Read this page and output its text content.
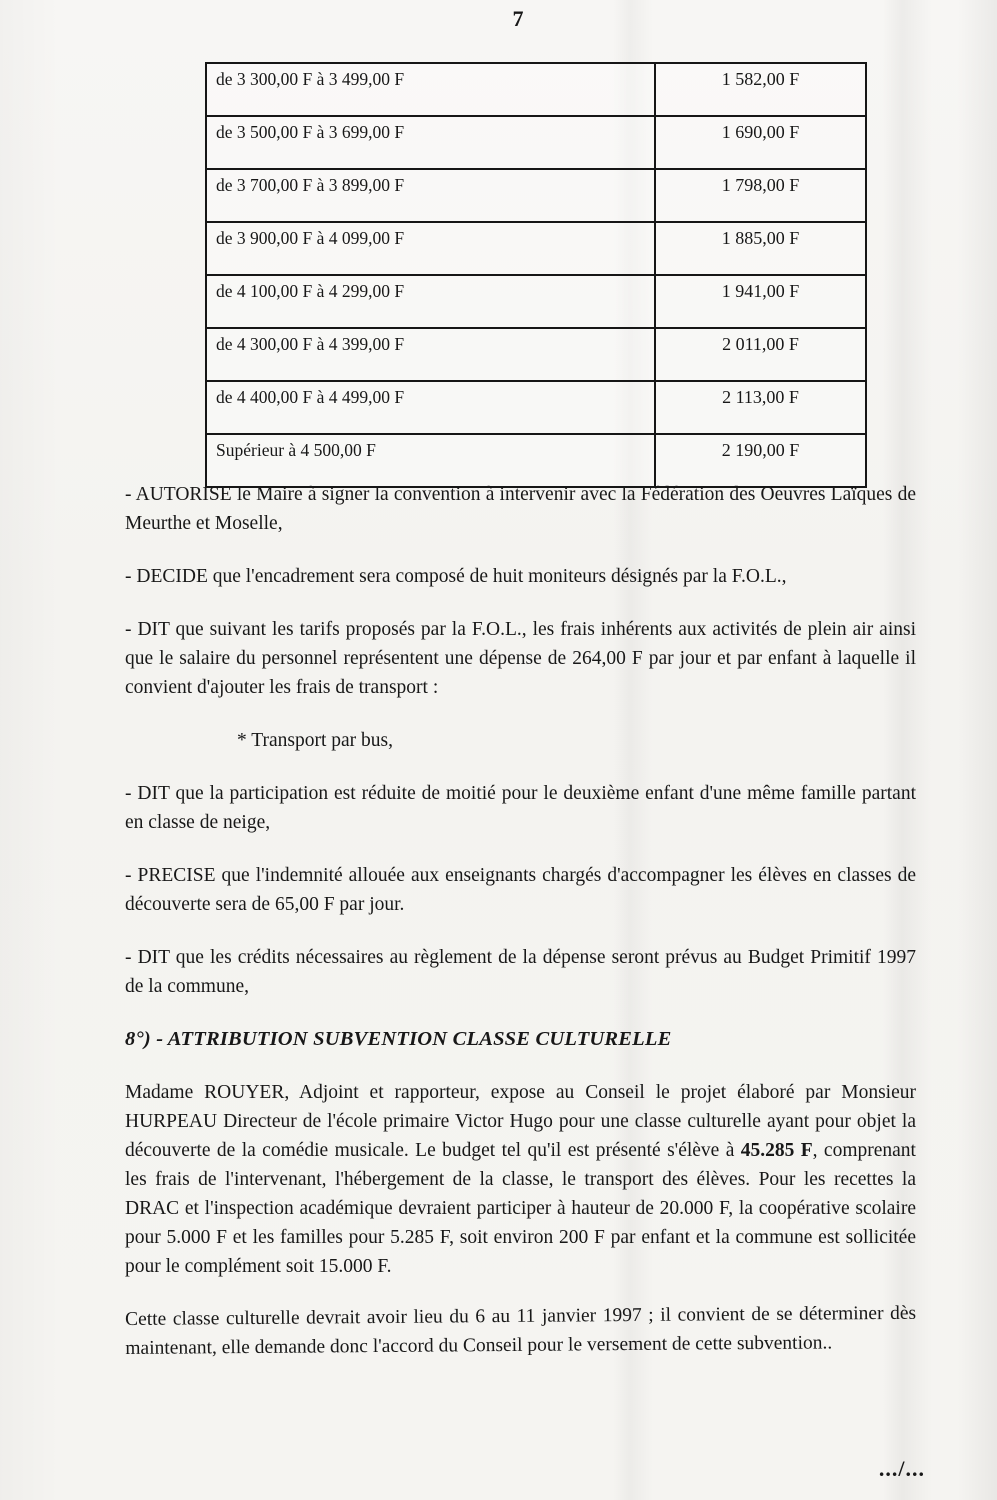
7
de 3 300,00 F à 3 499,00 F	1 582,00 F
de 3 500,00 F à 3 699,00 F	1 690,00 F
de 3 700,00 F à 3 899,00 F	1 798,00 F
de 3 900,00 F à 4 099,00 F	1 885,00 F
de 4 100,00 F à 4 299,00 F	1 941,00 F
de 4 300,00 F à 4 399,00 F	2 011,00 F
de 4 400,00 F à 4 499,00 F	2 113,00 F
Supérieur à 4 500,00 F	2 190,00 F

- AUTORISE le Maire à signer la convention à intervenir avec la Fédération des Oeuvres Laïques de Meurthe et Moselle,

- DECIDE que l'encadrement sera composé de huit moniteurs désignés par la F.O.L.,

- DIT que suivant les tarifs proposés par la F.O.L., les frais inhérents aux activités de plein air ainsi que le salaire du personnel représentent une dépense de 264,00 F par jour et par enfant à laquelle il convient d'ajouter les frais de transport :

* Transport par bus,

- DIT que la participation est réduite de moitié pour le deuxième enfant d'une même famille partant en classe de neige,

- PRECISE que l'indemnité allouée aux enseignants chargés d'accompagner les élèves en classes de découverte sera de 65,00 F par jour.

- DIT que les crédits nécessaires au règlement de la dépense seront prévus au Budget Primitif 1997 de la commune,

8°) - ATTRIBUTION SUBVENTION CLASSE CULTURELLE

Madame ROUYER, Adjoint et rapporteur, expose au Conseil le projet élaboré par Monsieur HURPEAU Directeur de l'école primaire Victor Hugo pour une classe culturelle ayant pour objet la découverte de la comédie musicale. Le budget tel qu'il est présenté s'élève à 45.285 F, comprenant les frais de l'intervenant, l'hébergement de la classe, le transport des élèves. Pour les recettes la DRAC et l'inspection académique devraient participer à hauteur de 20.000 F, la coopérative scolaire pour 5.000 F et les familles pour 5.285 F, soit environ 200 F par enfant et la commune est sollicitée pour le complément soit 15.000 F.

Cette classe culturelle devrait avoir lieu du 6 au 11 janvier 1997 ; il convient de se déterminer dès maintenant, elle demande donc l'accord du Conseil pour le versement de cette subvention..

.../...
